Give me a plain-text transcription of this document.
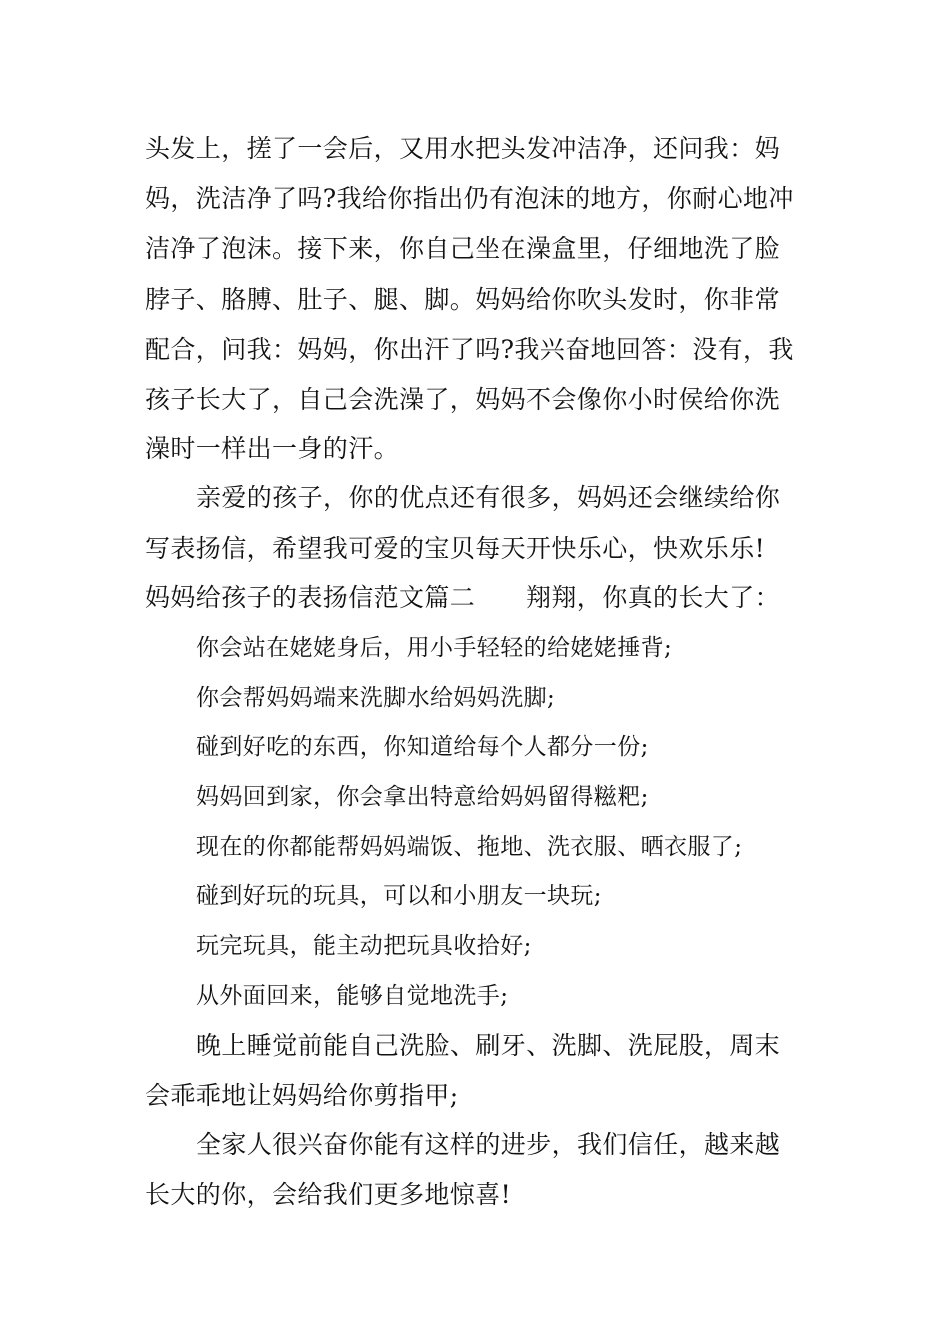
头发上，搓了一会后，又用水把头发冲洁净，还问我：妈
妈，洗洁净了吗?我给你指出仍有泡沫的地方，你耐心地冲
洁净了泡沫。接下来，你自己坐在澡盒里，仔细地洗了脸
脖子、胳膊、肚子、腿、脚。妈妈给你吹头发时，你非常
配合，问我：妈妈，你出汗了吗?我兴奋地回答：没有，我
孩子长大了，自己会洗澡了，妈妈不会像你小时侯给你洗
澡时一样出一身的汗。
亲爱的孩子，你的优点还有很多，妈妈还会继续给你
写表扬信，希望我可爱的宝贝每天开快乐心，快欢乐乐!
妈妈给孩子的表扬信范文篇二　　翔翔，你真的长大了：
你会站在姥姥身后，用小手轻轻的给姥姥捶背;
你会帮妈妈端来洗脚水给妈妈洗脚;
碰到好吃的东西，你知道给每个人都分一份;
妈妈回到家，你会拿出特意给妈妈留得糍粑;
现在的你都能帮妈妈端饭、拖地、洗衣服、晒衣服了;
碰到好玩的玩具，可以和小朋友一块玩;
玩完玩具，能主动把玩具收拾好;
从外面回来，能够自觉地洗手;
晚上睡觉前能自己洗脸、刷牙、洗脚、洗屁股，周末
会乖乖地让妈妈给你剪指甲;
全家人很兴奋你能有这样的进步，我们信任，越来越
长大的你，会给我们更多地惊喜!
